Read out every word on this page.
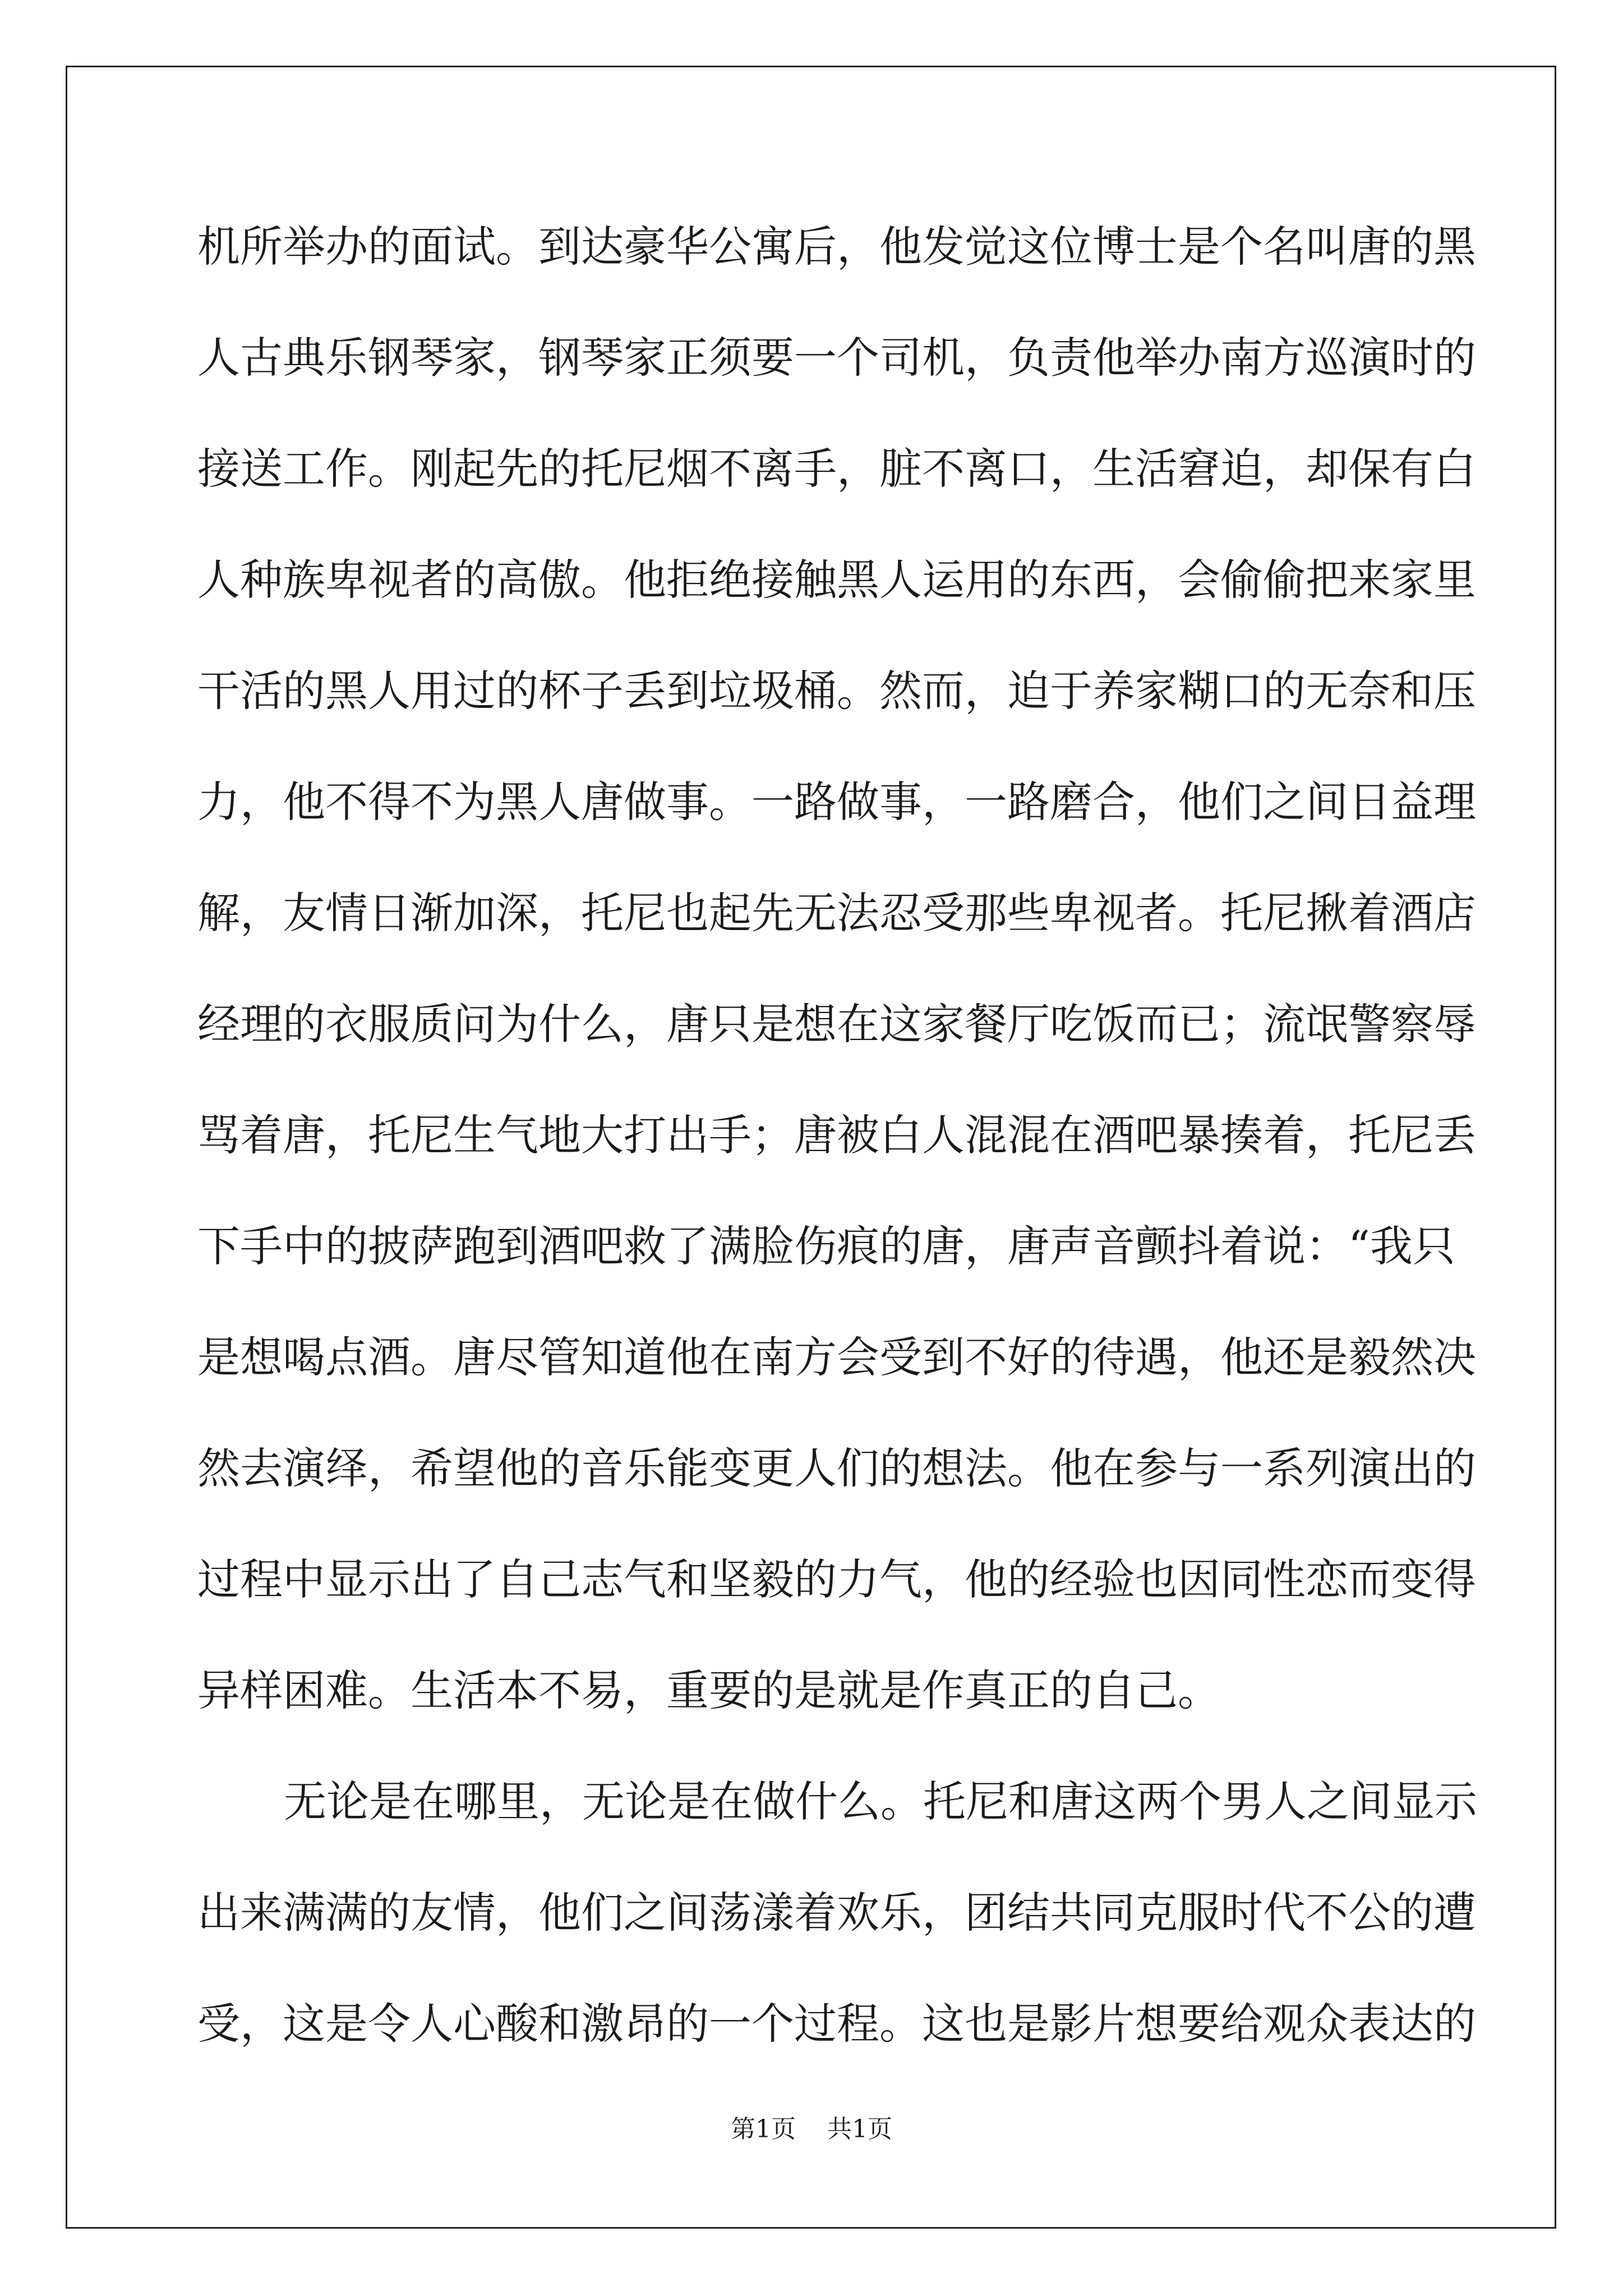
机所举办的面试。到达豪华公寓后，他发觉这位博士是个名叫唐的黑
人古典乐钢琴家，钢琴家正须要一个司机，负责他举办南方巡演时的
接送工作。刚起先的托尼烟不离手，脏不离口，生活窘迫，却保有白
人种族卑视者的高傲。他拒绝接触黑人运用的东西，会偷偷把来家里
干活的黑人用过的杯子丢到垃圾桶。然而，迫于养家糊口的无奈和压
力，他不得不为黑人唐做事。一路做事，一路磨合，他们之间日益理
解，友情日渐加深，托尼也起先无法忍受那些卑视者。托尼揪着酒店
经理的衣服质问为什么，唐只是想在这家餐厅吃饭而已；流氓警察辱
骂着唐，托尼生气地大打出手；唐被白人混混在酒吧暴揍着，托尼丢
下手中的披萨跑到酒吧救了满脸伤痕的唐，唐声音颤抖着说：“我只
是想喝点酒。唐尽管知道他在南方会受到不好的待遇，他还是毅然决
然去演绎，希望他的音乐能变更人们的想法。他在参与一系列演出的
过程中显示出了自己志气和坚毅的力气，他的经验也因同性恋而变得
异样困难。生活本不易，重要的是就是作真正的自己。
无论是在哪里，无论是在做什么。托尼和唐这两个男人之间显示
出来满满的友情，他们之间荡漾着欢乐，团结共同克服时代不公的遭
受，这是令人心酸和激昂的一个过程。这也是影片想要给观众表达的
第1页    共1页
